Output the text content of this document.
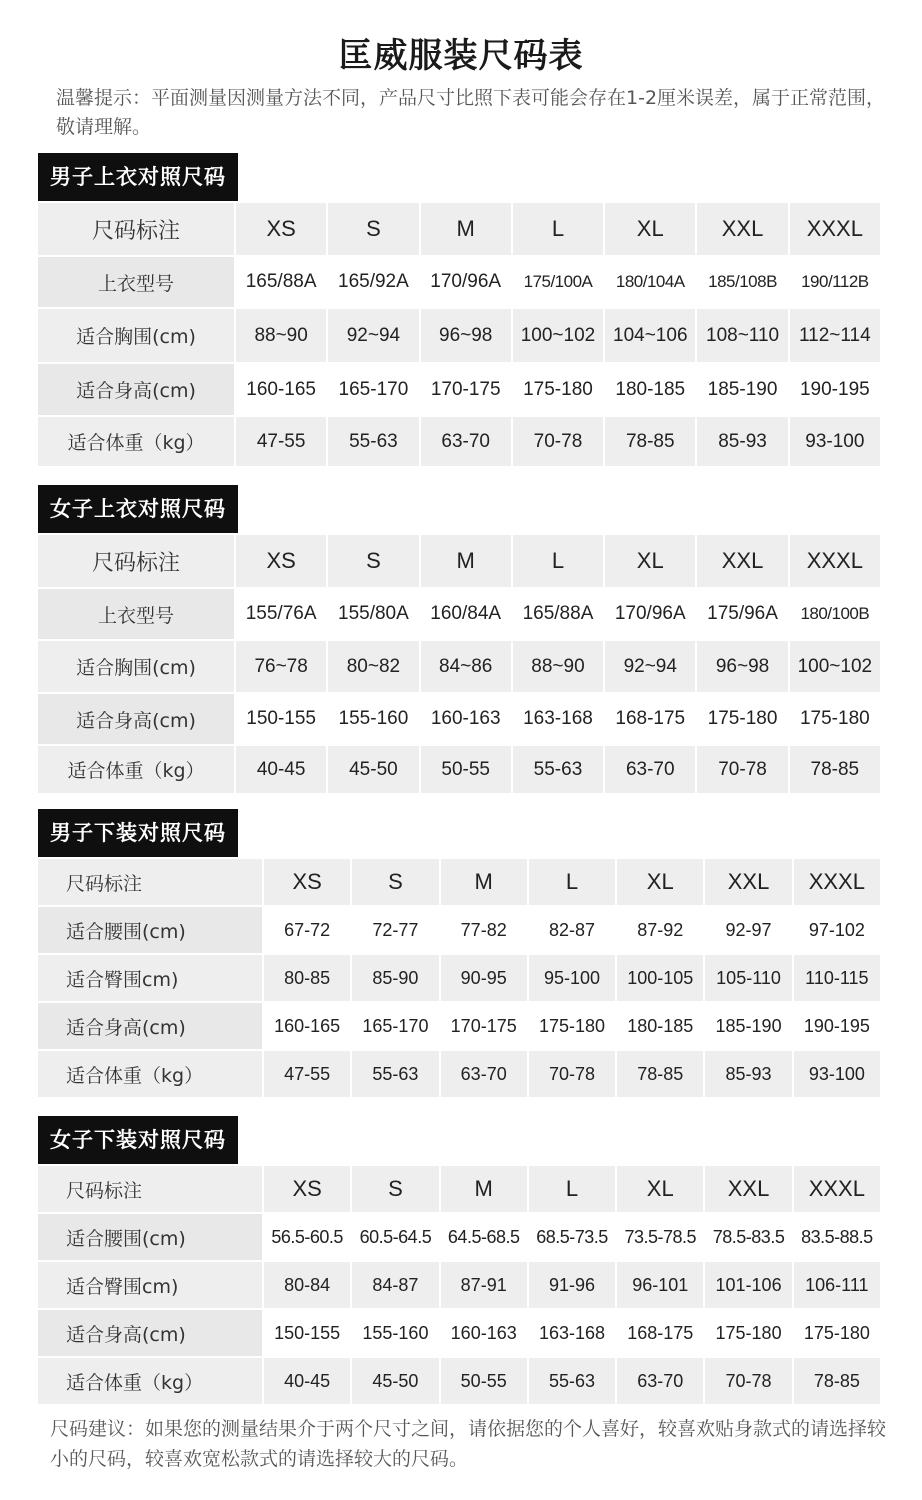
匡威服装尺码表

温馨提示：平面测量因测量方法不同，产品尺寸比照下表可能会存在1-2厘米误差，属于正常范围，敬请理解。

男子上衣对照尺码
尺码标注	XS	S	M	L	XL	XXL	XXXL
上衣型号	165/88A	165/92A	170/96A	175/100A	180/104A	185/108B	190/112B
适合胸围(cm)	88~90	92~94	96~98	100~102	104~106	108~110	112~114
适合身高(cm)	160-165	165-170	170-175	175-180	180-185	185-190	190-195
适合体重（kg）	47-55	55-63	63-70	70-78	78-85	85-93	93-100
女子上衣对照尺码
尺码标注	XS	S	M	L	XL	XXL	XXXL
上衣型号	155/76A	155/80A	160/84A	165/88A	170/96A	175/96A	180/100B
适合胸围(cm)	76~78	80~82	84~86	88~90	92~94	96~98	100~102
适合身高(cm)	150-155	155-160	160-163	163-168	168-175	175-180	175-180
适合体重（kg）	40-45	45-50	50-55	55-63	63-70	70-78	78-85
男子下装对照尺码
尺码标注	XS	S	M	L	XL	XXL	XXXL
适合腰围(cm)	67-72	72-77	77-82	82-87	87-92	92-97	97-102
适合臀围cm)	80-85	85-90	90-95	95-100	100-105	105-110	110-115
适合身高(cm)	160-165	165-170	170-175	175-180	180-185	185-190	190-195
适合体重（kg）	47-55	55-63	63-70	70-78	78-85	85-93	93-100
女子下装对照尺码
尺码标注	XS	S	M	L	XL	XXL	XXXL
适合腰围(cm)	56.5-60.5	60.5-64.5	64.5-68.5	68.5-73.5	73.5-78.5	78.5-83.5	83.5-88.5
适合臀围cm)	80-84	84-87	87-91	91-96	96-101	101-106	106-111
适合身高(cm)	150-155	155-160	160-163	163-168	168-175	175-180	175-180
适合体重（kg）	40-45	45-50	50-55	55-63	63-70	70-78	78-85

尺码建议：如果您的测量结果介于两个尺寸之间，请依据您的个人喜好，较喜欢贴身款式的请选择较小的尺码，较喜欢宽松款式的请选择较大的尺码。
